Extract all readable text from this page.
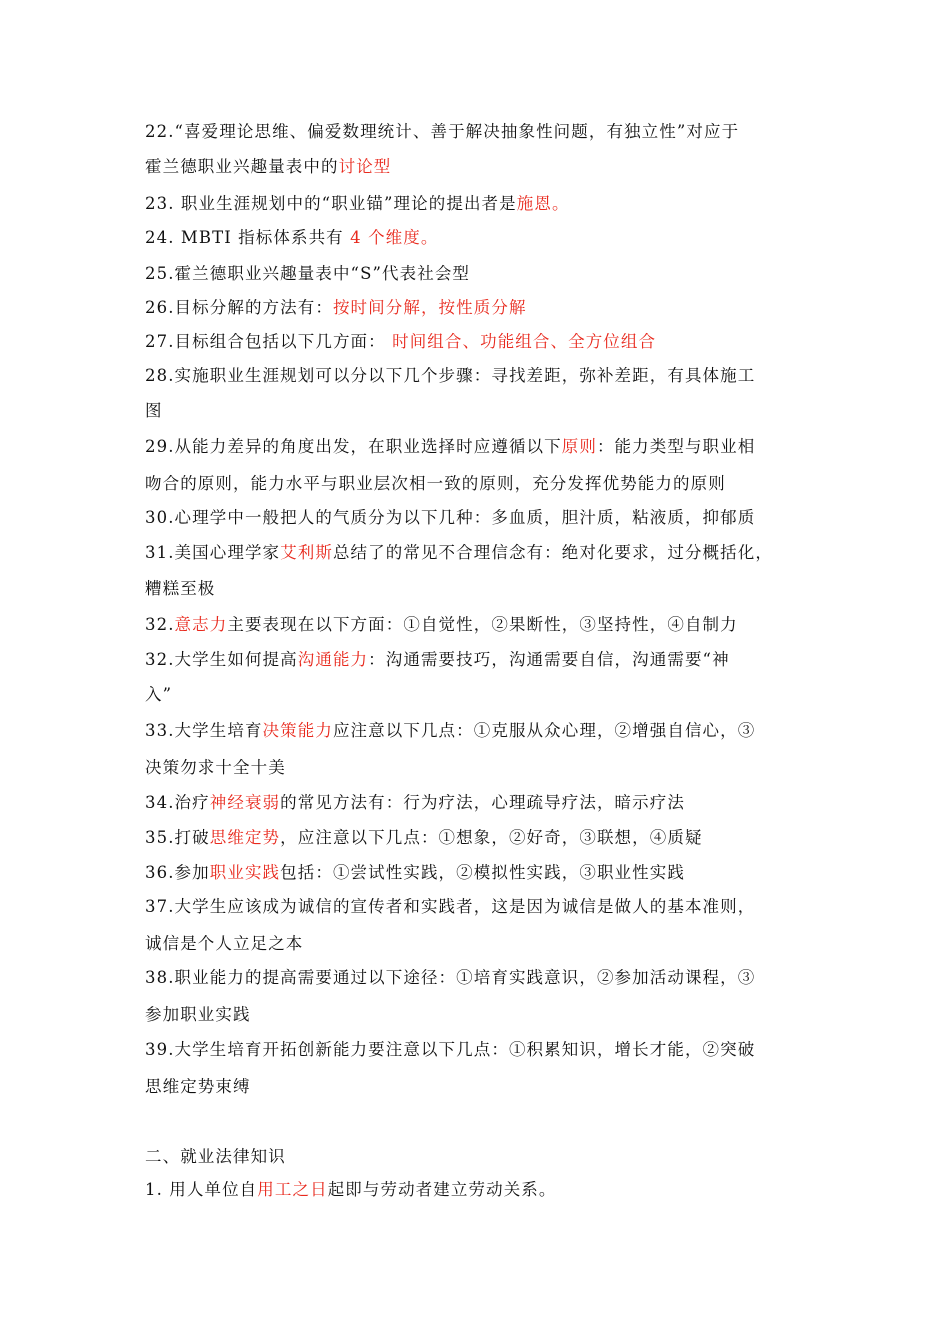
22.“喜爱理论思维、偏爱数理统计、善于解决抽象性问题，有独立性”对应于
霍兰德职业兴趣量表中的讨论型
23. 职业生涯规划中的“职业锚”理论的提出者是施恩。
24. MBTI 指标体系共有 4 个维度。
25.霍兰德职业兴趣量表中“S”代表社会型
26.目标分解的方法有：按时间分解，按性质分解
27.目标组合包括以下几方面： 时间组合、功能组合、全方位组合
28.实施职业生涯规划可以分以下几个步骤：寻找差距，弥补差距，有具体施工
图
29.从能力差异的角度出发，在职业选择时应遵循以下原则：能力类型与职业相
吻合的原则，能力水平与职业层次相一致的原则，充分发挥优势能力的原则
30.心理学中一般把人的气质分为以下几种：多血质，胆汁质，粘液质，抑郁质
31.美国心理学家艾利斯总结了的常见不合理信念有：绝对化要求，过分概括化，
糟糕至极
32.意志力主要表现在以下方面：①自觉性，②果断性，③坚持性，④自制力
32.大学生如何提高沟通能力：沟通需要技巧，沟通需要自信，沟通需要“神
入”
33.大学生培育决策能力应注意以下几点：①克服从众心理，②增强自信心，③
决策勿求十全十美
34.治疗神经衰弱的常见方法有：行为疗法，心理疏导疗法，暗示疗法
35.打破思维定势，应注意以下几点：①想象，②好奇，③联想，④质疑
36.参加职业实践包括：①尝试性实践，②模拟性实践，③职业性实践
37.大学生应该成为诚信的宣传者和实践者，这是因为诚信是做人的基本准则，
诚信是个人立足之本
38.职业能力的提高需要通过以下途径：①培育实践意识，②参加活动课程，③
参加职业实践
39.大学生培育开拓创新能力要注意以下几点：①积累知识，增长才能，②突破
思维定势束缚
二、就业法律知识
1. 用人单位自用工之日起即与劳动者建立劳动关系。
